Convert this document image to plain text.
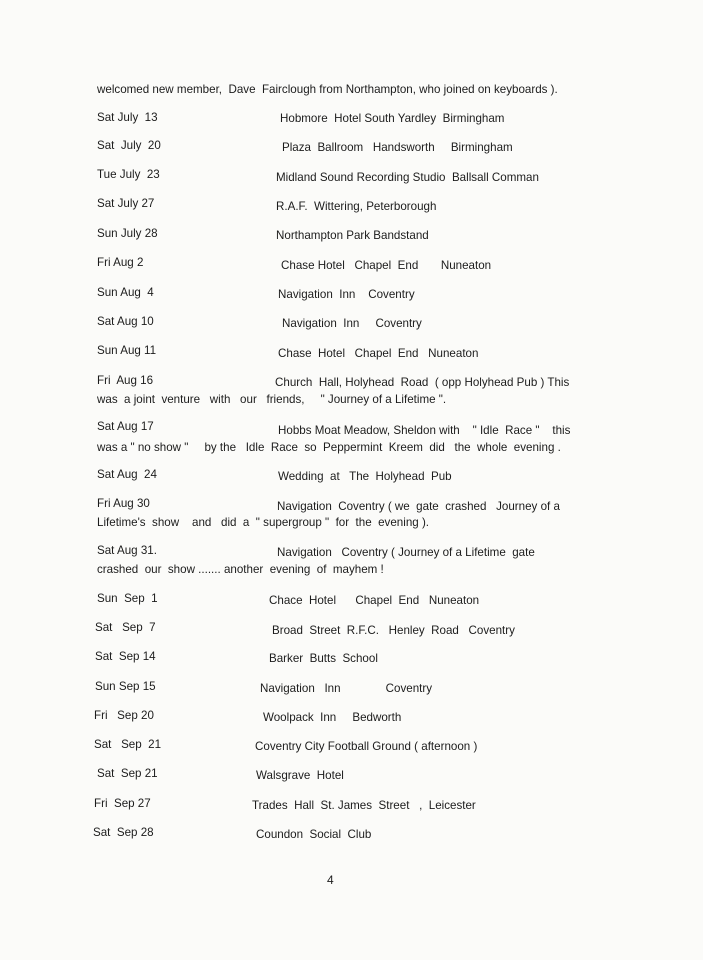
welcomed new member,  Dave  Fairclough from Northampton, who joined on keyboards ).
Sat July  13	Hobmore  Hotel South Yardley  Birmingham
Sat  July  20	Plaza  Ballroom   Handsworth     Birmingham
Tue July  23	Midland Sound Recording Studio  Ballsall Comman
Sat July 27	R.A.F.  Wittering, Peterborough
Sun July 28	Northampton Park Bandstand
Fri Aug 2	Chase Hotel   Chapel  End       Nuneaton
Sun Aug  4	Navigation  Inn    Coventry
Sat Aug 10	Navigation  Inn     Coventry
Sun Aug 11	Chase  Hotel   Chapel  End   Nuneaton
Fri  Aug 16	Church  Hall, Holyhead  Road  ( opp Holyhead Pub ) This
was  a joint  venture   with   our   friends,     " Journey of a Lifetime ".
Sat Aug 17	Hobbs Moat Meadow, Sheldon with    " Idle  Race "    this
was a " no show "     by the   Idle  Race  so  Peppermint  Kreem  did   the  whole  evening .
Sat Aug  24	Wedding  at   The  Holyhead  Pub
Fri Aug 30	Navigation  Coventry ( we  gate  crashed   Journey of a
Lifetime's  show    and   did  a  " supergroup "  for  the  evening ).
Sat Aug 31.	Navigation   Coventry ( Journey of a Lifetime  gate
crashed  our  show ....... another  evening  of  mayhem !
Sun  Sep  1	Chace  Hotel      Chapel  End   Nuneaton
Sat   Sep  7	Broad  Street  R.F.C.   Henley  Road   Coventry
Sat  Sep 14	Barker  Butts  School
Sun Sep 15	Navigation   Inn              Coventry
Fri   Sep 20	Woolpack  Inn     Bedworth
Sat   Sep  21	Coventry City Football Ground ( afternoon )
Sat  Sep 21	Walsgrave  Hotel
Fri  Sep 27	Trades  Hall  St. James  Street   ,  Leicester
Sat  Sep 28	Coundon  Social  Club
4
